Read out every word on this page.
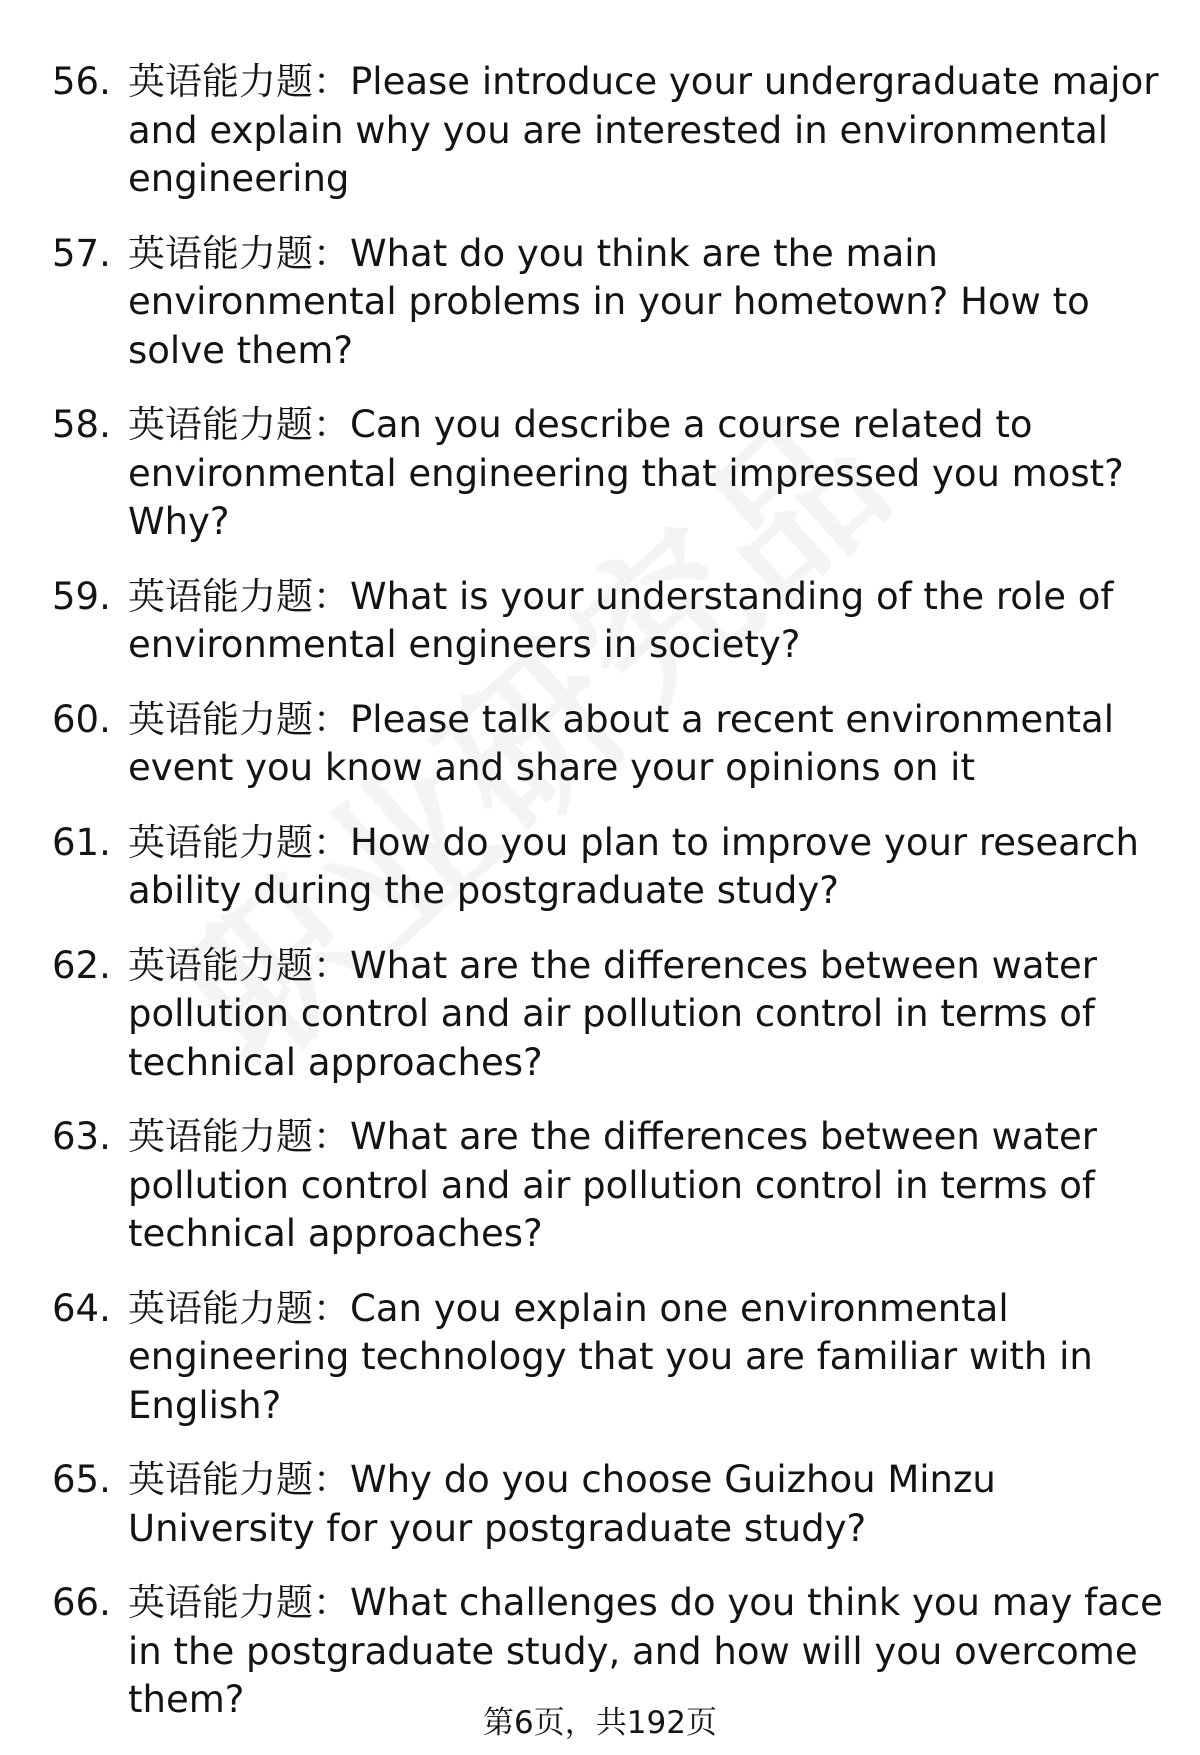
56. 英语能力题：Please introduce your undergraduate major and explain why you are interested in environmental engineering
57. 英语能力题：What do you think are the main environmental problems in your hometown? How to solve them?
58. 英语能力题：Can you describe a course related to environmental engineering that impressed you most? Why?
59. 英语能力题：What is your understanding of the role of environmental engineers in society?
60. 英语能力题：Please talk about a recent environmental event you know and share your opinions on it
61. 英语能力题：How do you plan to improve your research ability during the postgraduate study?
62. 英语能力题：What are the differences between water pollution control and air pollution control in terms of technical approaches?
63. 英语能力题：What are the differences between water pollution control and air pollution control in terms of technical approaches?
64. 英语能力题：Can you explain one environmental engineering technology that you are familiar with in English?
65. 英语能力题：Why do you choose Guizhou Minzu University for your postgraduate study?
66. 英语能力题：What challenges do you think you may face in the postgraduate study, and how will you overcome them?
第6页，共192页
